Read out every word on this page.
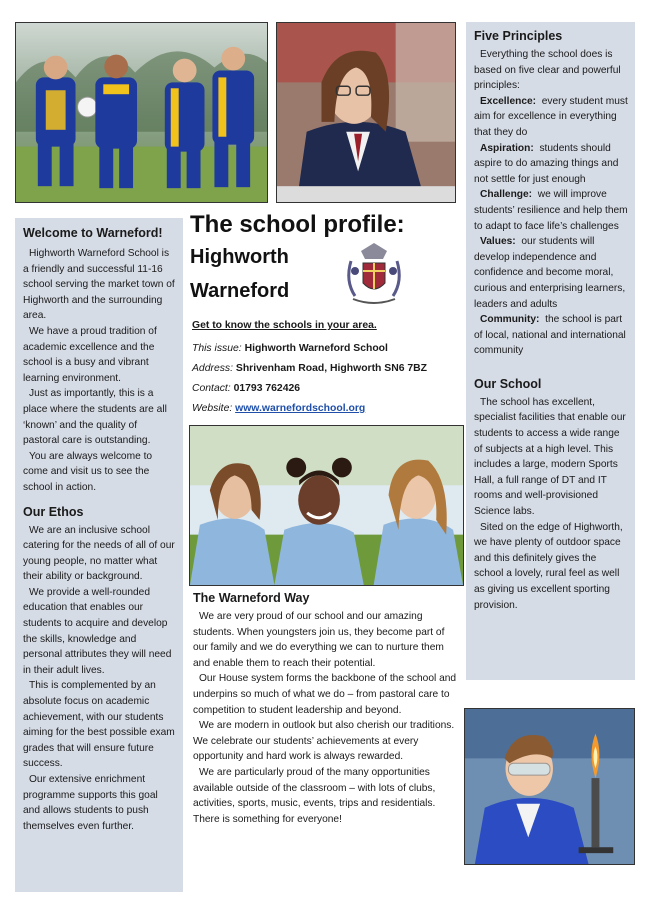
Welcome to Warneford!

Highworth Warneford School is a friendly and successful 11-16 school serving the market town of Highworth and the surrounding area.

We have a proud tradition of academic excellence and the school is a busy and vibrant learning environment.

Just as importantly, this is a place where the students are all ‘known’ and the quality of pastoral care is outstanding.

You are always welcome to come and visit us to see the school in action.

Our Ethos

We are an inclusive school catering for the needs of all of our young people, no matter what their ability or background.

We provide a well-rounded education that enables our students to acquire and develop the skills, knowledge and personal attributes they will need in their adult lives.

This is complemented by an absolute focus on academic achievement, with our students aiming for the best possible exam grades that will ensure future success.

Our extensive enrichment programme supports this goal and allows students to push themselves even further.

The school profile:
Highworth
Warneford
Get to know the schools in your area.

This issue: Highworth Warneford School

Address: Shrivenham Road, Highworth SN6 7BZ

Contact: 01793 762426

Website: www.warnefordschool.org

The Warneford Way

We are very proud of our school and our amazing students. When youngsters join us, they become part of our family and we do everything we can to nurture them and enable them to reach their potential.

Our House system forms the backbone of the school and underpins so much of what we do – from pastoral care to competition to student leadership and beyond.

We are modern in outlook but also cherish our traditions. We celebrate our students’ achievements at every opportunity and hard work is always rewarded.

We are particularly proud of the many opportunities available outside of the classroom – with lots of clubs, activities, sports, music, events, trips and residentials. There is something for everyone!

Five Principles

Everything the school does is based on five clear and powerful principles:

Excellence: every student must aim for excellence in everything that they do

Aspiration: students should aspire to do amazing things and not settle for just enough

Challenge: we will improve students’ resilience and help them to adapt to face life’s challenges

Values: our students will develop independence and confidence and become moral, curious and enterprising learners, leaders and adults

Community: the school is part of local, national and international community

Our School

The school has excellent, specialist facilities that enable our students to access a wide range of subjects at a high level. This includes a large, modern Sports Hall, a full range of DT and IT rooms and well-provisioned Science labs.

Sited on the edge of Highworth, we have plenty of outdoor space and this definitely gives the school a lovely, rural feel as well as giving us excellent sporting provision.
